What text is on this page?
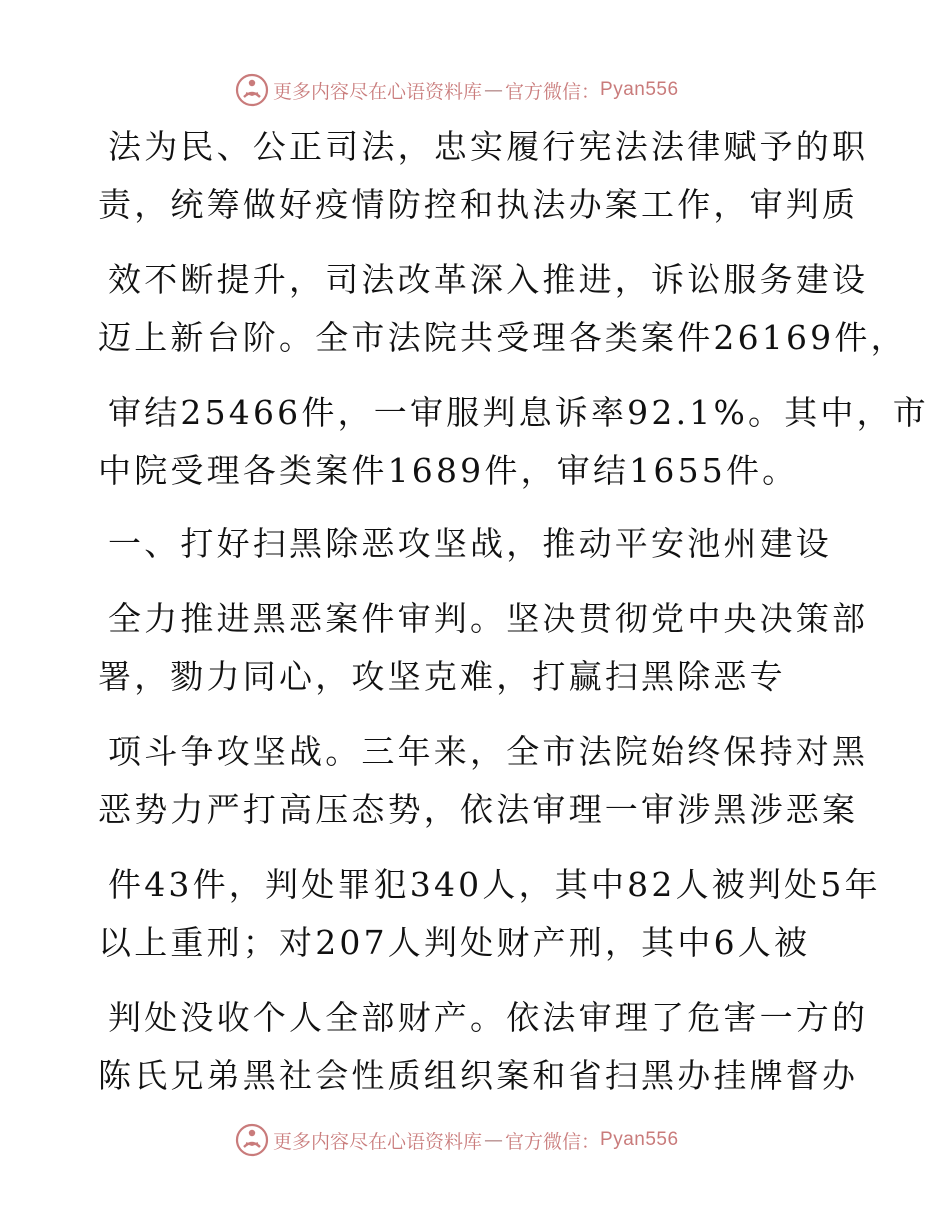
更多内容尽在心语资料库 — 官方微信： Pyan556
法为民、公正司法，忠实履行宪法法律赋予的职
责，统筹做好疫情防控和执法办案工作，审判质
效不断提升，司法改革深入推进，诉讼服务建设
迈上新台阶。全市法院共受理各类案件26169件，
审结25466件，一审服判息诉率92.1%。其中，市
中院受理各类案件1689件，审结1655件。
一、打好扫黑除恶攻坚战，推动平安池州建设
全力推进黑恶案件审判。坚决贯彻党中央决策部
署，勠力同心，攻坚克难，打赢扫黑除恶专
项斗争攻坚战。三年来，全市法院始终保持对黑
恶势力严打高压态势，依法审理一审涉黑涉恶案
件43件，判处罪犯340人，其中82人被判处5年
以上重刑；对207人判处财产刑，其中6人被
判处没收个人全部财产。依法审理了危害一方的
陈氏兄弟黑社会性质组织案和省扫黑办挂牌督办
更多内容尽在心语资料库 — 官方微信： Pyan556
